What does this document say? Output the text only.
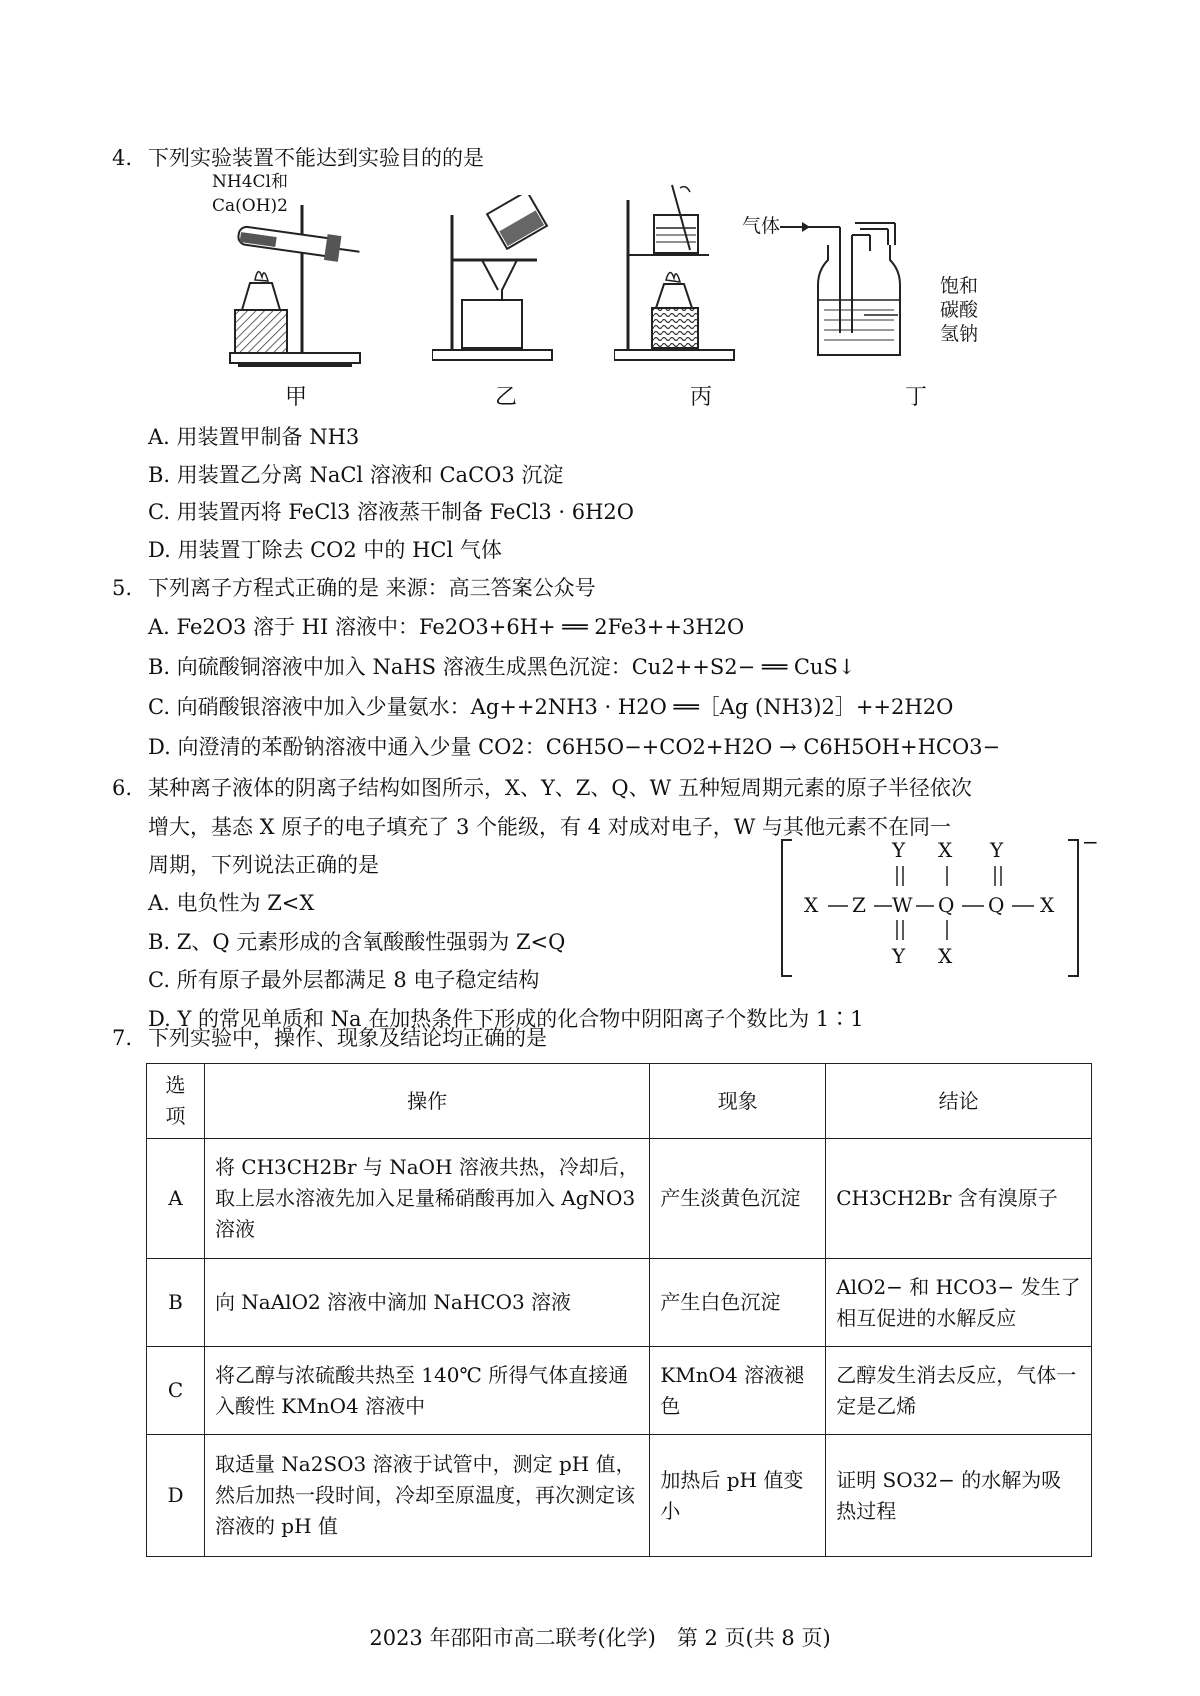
4. 下列实验装置不能达到实验目的的是
NH4Cl和
Ca(OH)2
气体
饱和
碳酸
氢钠
甲	乙	丙	丁
A. 用装置甲制备 NH3
B. 用装置乙分离 NaCl 溶液和 CaCO3 沉淀
C. 用装置丙将 FeCl3 溶液蒸干制备 FeCl3 · 6H2O
D. 用装置丁除去 CO2 中的 HCl 气体
5. 下列离子方程式正确的是 来源：高三答案公众号
A. Fe2O3 溶于 HI 溶液中：Fe2O3+6H+ ══ 2Fe3++3H2O
B. 向硫酸铜溶液中加入 NaHS 溶液生成黑色沉淀：Cu2++S2− ══ CuS↓
C. 向硝酸银溶液中加入少量氨水：Ag++2NH3 · H2O ══［Ag (NH3)2］++2H2O
D. 向澄清的苯酚钠溶液中通入少量 CO2：C6H5O−+CO2+H2O → C6H5OH+HCO3−
6. 某种离子液体的阴离子结构如图所示，X、Y、Z、Q、W 五种短周期元素的原子半径依次
增大，基态 X 原子的电子填充了 3 个能级，有 4 对成对电子，W 与其他元素不在同一
周期，下列说法正确的是
A. 电负性为 Z<X
B. Z、Q 元素形成的含氧酸酸性强弱为 Z<Q
C. 所有原子最外层都满足 8 电子稳定结构
D. Y 的常见单质和 Na 在加热条件下形成的化合物中阴阳离子个数比为 1∶1
−
Y X Y
X Z W Q Q X
Y X
7. 下列实验中，操作、现象及结论均正确的是
选项	操作	现象	结论
A	将 CH3CH2Br 与 NaOH 溶液共热，冷却后，取上层水溶液先加入足量稀硝酸再加入 AgNO3 溶液	产生淡黄色沉淀	CH3CH2Br 含有溴原子
B	向 NaAlO2 溶液中滴加 NaHCO3 溶液	产生白色沉淀	AlO2− 和 HCO3− 发生了相互促进的水解反应
C	将乙醇与浓硫酸共热至 140℃ 所得气体直接通入酸性 KMnO4 溶液中	KMnO4 溶液褪色	乙醇发生消去反应，气体一定是乙烯
D	取适量 Na2SO3 溶液于试管中，测定 pH 值，然后加热一段时间，冷却至原温度，再次测定该溶液的 pH 值	加热后 pH 值变小	证明 SO32− 的水解为吸热过程
2023 年邵阳市高二联考(化学)　第 2 页(共 8 页)
